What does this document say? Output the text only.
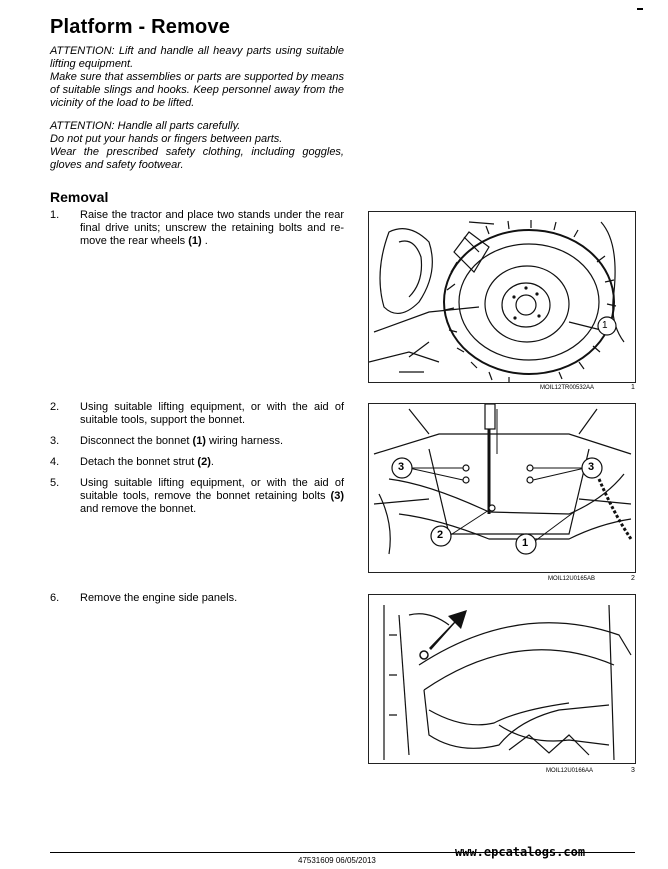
Platform - Remove

ATTENTION: Lift and handle all heavy parts using suitable lifting equipment.

Make sure that assemblies or parts are supported by means of suitable slings and hooks. Keep personnel away from the vicinity of the load to be lifted.

ATTENTION: Handle all parts carefully.

Do not put your hands or fingers between parts.

Wear the prescribed safety clothing, including goggles, gloves and safety footwear.

Removal
1.	Raise the tractor and place two stands under the rear final drive units; unscrew the retaining bolts and re- move the rear wheels (1) .
2.	Using suitable lifting equipment, or with the aid of suitable tools, support the bonnet.
3.	Disconnect the bonnet (1) wiring harness.
4.	Detach the bonnet strut (2).
5.	Using suitable lifting equipment, or with the aid of suitable tools, remove the bonnet retaining bolts (3) and remove the bonnet.
6.	Remove the engine side panels.
1
MOIL12TR00532AA	1
3	3
2
1
MOIL12U0165AB	2
MOIL12U0166AA	3
www.epcatalogs.com
47531609 06/05/2013
